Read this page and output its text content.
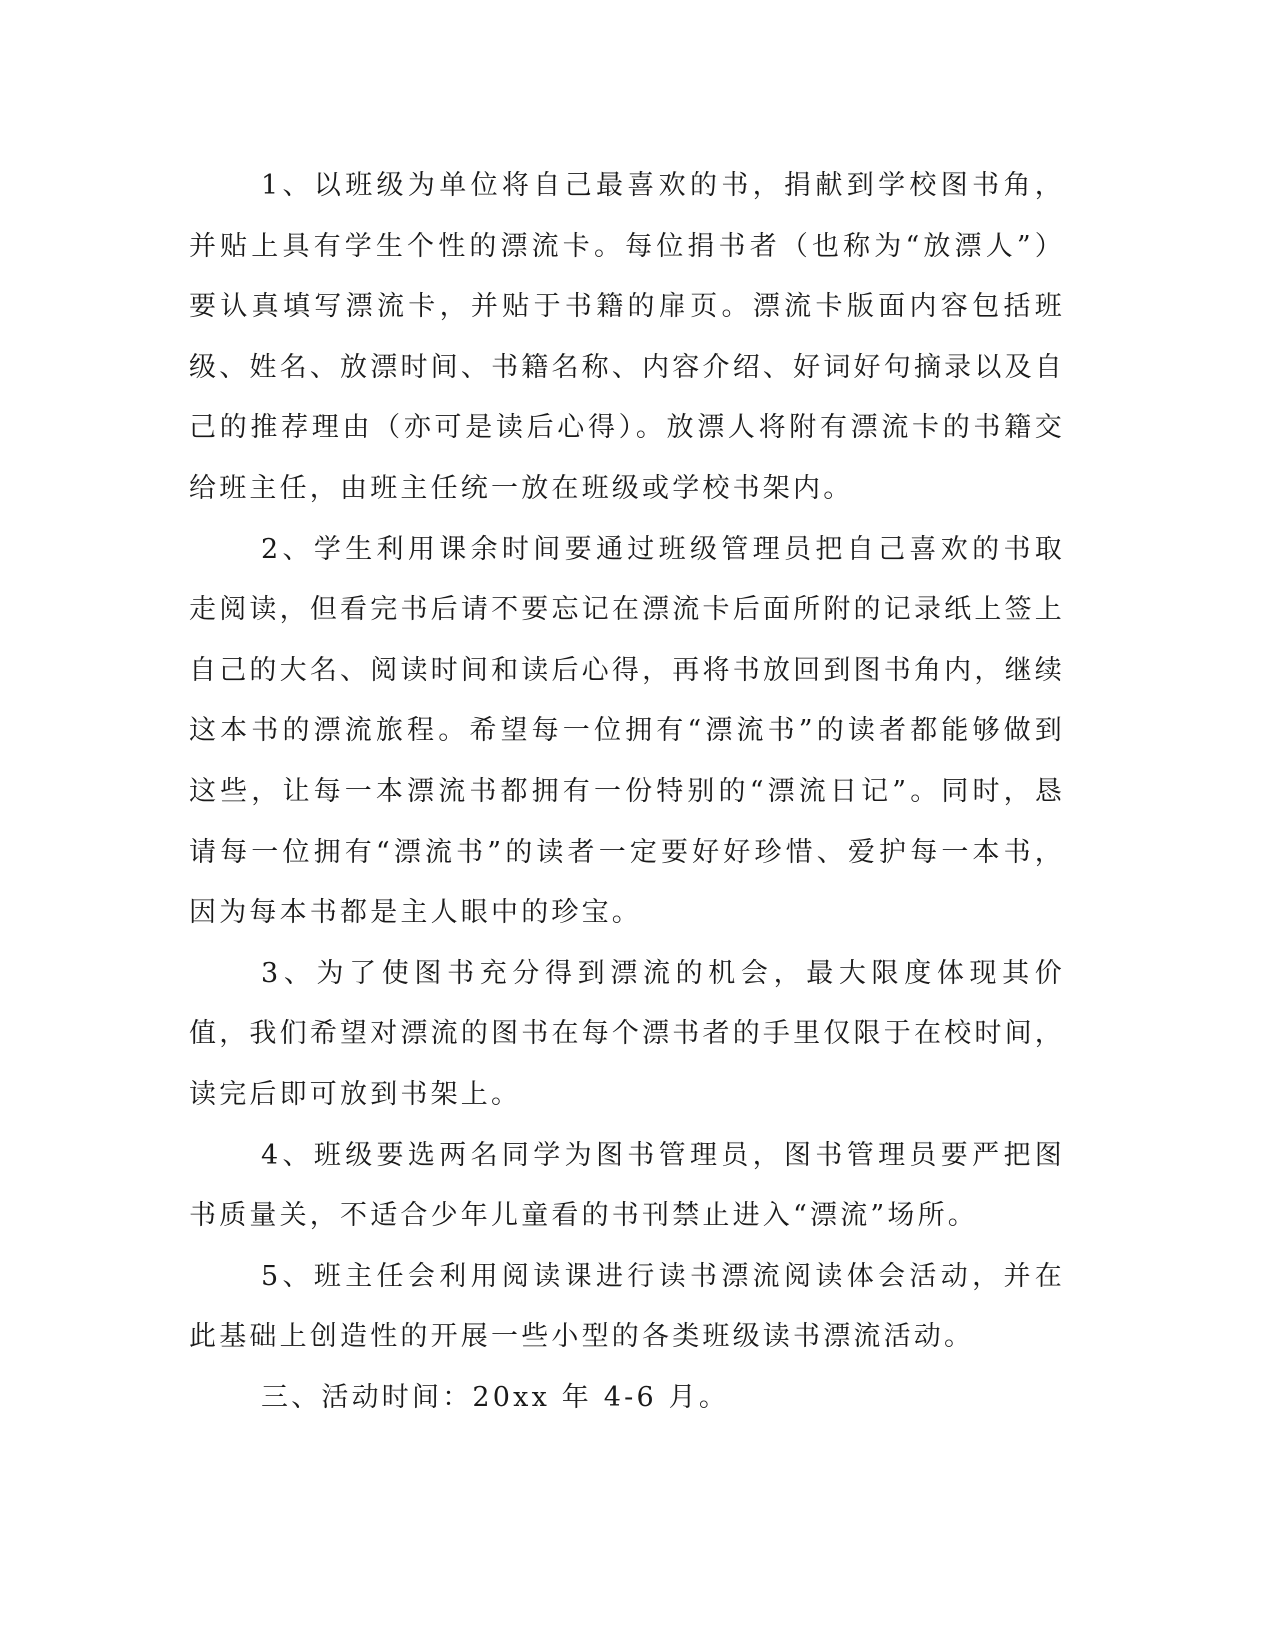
1、以班级为单位将自己最喜欢的书，捐献到学校图书角，并贴上具有学生个性的漂流卡。每位捐书者（也称为“放漂人”）要认真填写漂流卡，并贴于书籍的扉页。漂流卡版面内容包括班级、姓名、放漂时间、书籍名称、内容介绍、好词好句摘录以及自己的推荐理由（亦可是读后心得）。放漂人将附有漂流卡的书籍交给班主任，由班主任统一放在班级或学校书架内。

2、学生利用课余时间要通过班级管理员把自己喜欢的书取走阅读，但看完书后请不要忘记在漂流卡后面所附的记录纸上签上自己的大名、阅读时间和读后心得，再将书放回到图书角内，继续这本书的漂流旅程。希望每一位拥有“漂流书”的读者都能够做到这些，让每一本漂流书都拥有一份特别的“漂流日记”。同时，恳请每一位拥有“漂流书”的读者一定要好好珍惜、爱护每一本书，因为每本书都是主人眼中的珍宝。

3、为了使图书充分得到漂流的机会，最大限度体现其价值，我们希望对漂流的图书在每个漂书者的手里仅限于在校时间，读完后即可放到书架上。

4、班级要选两名同学为图书管理员，图书管理员要严把图书质量关，不适合少年儿童看的书刊禁止进入“漂流”场所。

5、班主任会利用阅读课进行读书漂流阅读体会活动，并在此基础上创造性的开展一些小型的各类班级读书漂流活动。

三、活动时间：20xx 年 4-6 月。
